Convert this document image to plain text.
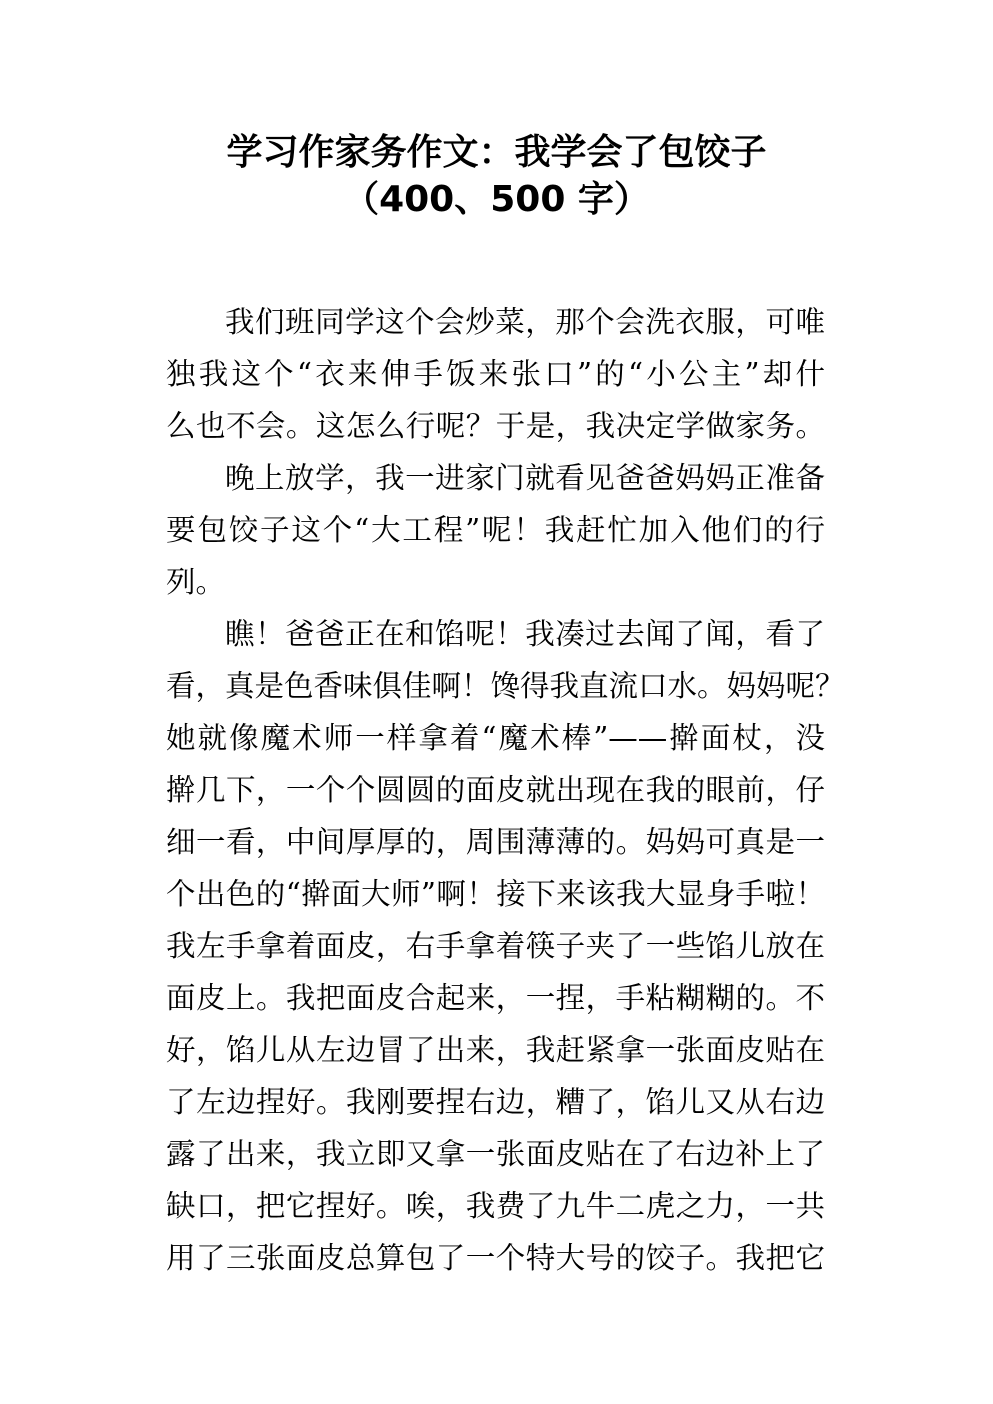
学习作家务作文：我学会了包饺子
（400、500 字）
我们班同学这个会炒菜，那个会洗衣服，可唯
独我这个“衣来伸手饭来张口”的“小公主”却什
么也不会。这怎么行呢？于是，我决定学做家务。
晚上放学，我一进家门就看见爸爸妈妈正准备
要包饺子这个“大工程”呢！我赶忙加入他们的行
列。
瞧！爸爸正在和馅呢！我凑过去闻了闻，看了
看，真是色香味俱佳啊！馋得我直流口水。妈妈呢？
她就像魔术师一样拿着“魔术棒”——擀面杖，没
擀几下，一个个圆圆的面皮就出现在我的眼前，仔
细一看，中间厚厚的，周围薄薄的。妈妈可真是一
个出色的“擀面大师”啊！接下来该我大显身手啦！
我左手拿着面皮，右手拿着筷子夹了一些馅儿放在
面皮上。我把面皮合起来，一捏，手粘糊糊的。不
好，馅儿从左边冒了出来，我赶紧拿一张面皮贴在
了左边捏好。我刚要捏右边，糟了，馅儿又从右边
露了出来，我立即又拿一张面皮贴在了右边补上了
缺口，把它捏好。唉，我费了九牛二虎之力，一共
用了三张面皮总算包了一个特大号的饺子。我把它
